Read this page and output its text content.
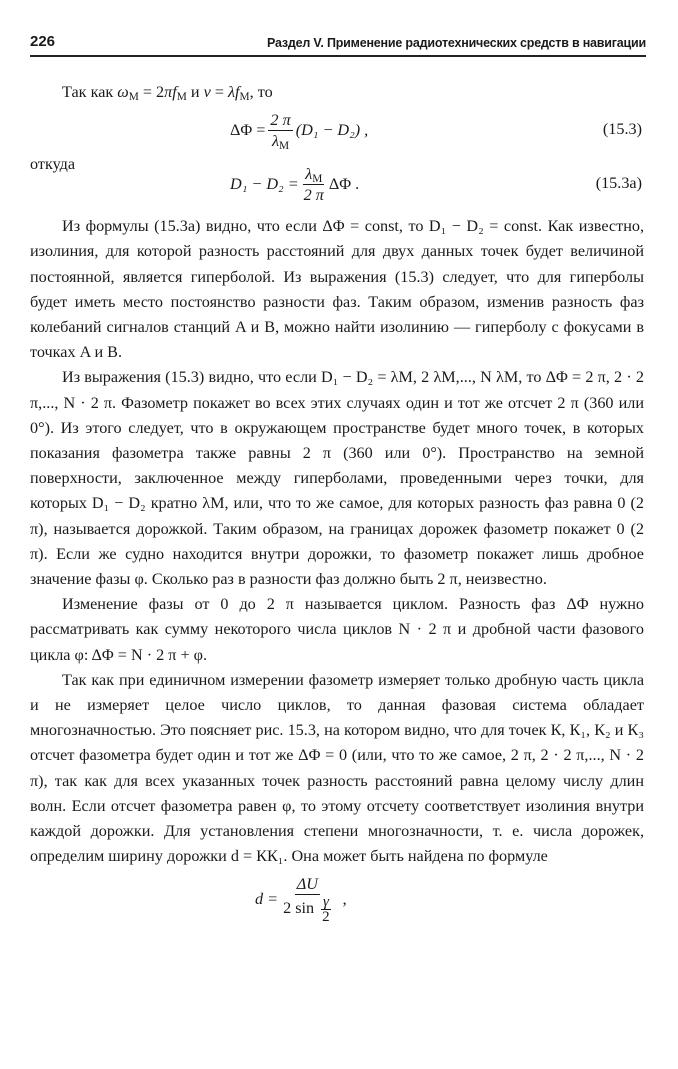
226	Раздел V. Применение радиотехнических средств в навигации

Так как $\omega_M = 2\pi f_M$ и $v = \lambda f_M$, то

$\Delta\Phi = \frac{2 \pi}{\lambda_M} (D_1 - D_2)$ ,	(15.3)

откуда

$D_1 - D_2 = \frac{\lambda_M}{2 \pi}$ ΔΦ .	(15.3а)

Из формулы (15.3а) видно, что если ΔΦ = const, то D₁ − D₂ = const. Как известно, изолиния, для которой разность расстояний для двух данных точек будет величиной постоянной, является гиперболой. Из выражения (15.3) следует, что для гиперболы будет иметь место постоянство разности фаз. Таким образом, изменив разность фаз колебаний сигналов станций A и B, можно найти изолинию — гиперболу с фокусами в точках A и B.

Из выражения (15.3) видно, что если D₁ − D₂ = λM, 2 λM,..., N λM, то ΔΦ = 2 π, 2 · 2 π,..., N · 2 π. Фазометр покажет во всех этих случаях один и тот же отсчет 2 π (360 или 0°). Из этого следует, что в окружающем пространстве будет много точек, в которых показания фазометра также равны 2 π (360 или 0°). Пространство на земной поверхности, заключенное между гиперболами, проведенными через точки, для которых D₁ − D₂ кратно λM, или, что то же самое, для которых разность фаз равна 0 (2 π), называется дорожкой. Таким образом, на границах дорожек фазометр покажет 0 (2 π). Если же судно находится внутри дорожки, то фазометр покажет лишь дробное значение фазы φ. Сколько раз в разности фаз должно быть 2 π, неизвестно.

Изменение фазы от 0 до 2 π называется циклом. Разность фаз ΔΦ нужно рассматривать как сумму некоторого числа циклов N · 2 π и дробной части фазового цикла φ: ΔΦ = N · 2 π + φ.

Так как при единичном измерении фазометр измеряет только дробную часть цикла и не измеряет целое число циклов, то данная фазовая система обладает многозначностью. Это поясняет рис. 15.3, на котором видно, что для точек К, К₁, К₂ и К₃ отсчет фазометра будет один и тот же ΔΦ = 0 (или, что то же самое, 2 π, 2 · 2 π,..., N · 2 π), так как для всех указанных точек разность расстояний равна целому числу длин волн. Если отсчет фазометра равен φ, то этому отсчету соответствует изолиния внутри каждой дорожки. Для установления степени многозначности, т. е. числа дорожек, определим ширину дорожки d = КК₁. Она может быть найдена по формуле

$d = \frac{\Delta U}{2 \sin \frac{\gamma}{2}}$ ,
